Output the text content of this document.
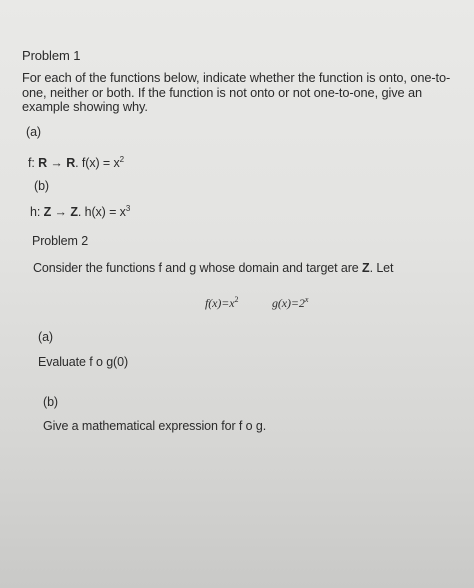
Problem 1
For each of the functions below, indicate whether the function is onto, one-to-one, neither or both. If the function is not onto or not one-to-one, give an example showing why.
(a)
f: R → R. $f(x) = x^2$
(b)
h: Z → Z. $h(x) = x^3$
Problem 2
Consider the functions f and g whose domain and target are Z. Let
$f(x)=x^2$	$g(x)=2^x$
(a)
Evaluate f o g(0)
(b)
Give a mathematical expression for f o g.
